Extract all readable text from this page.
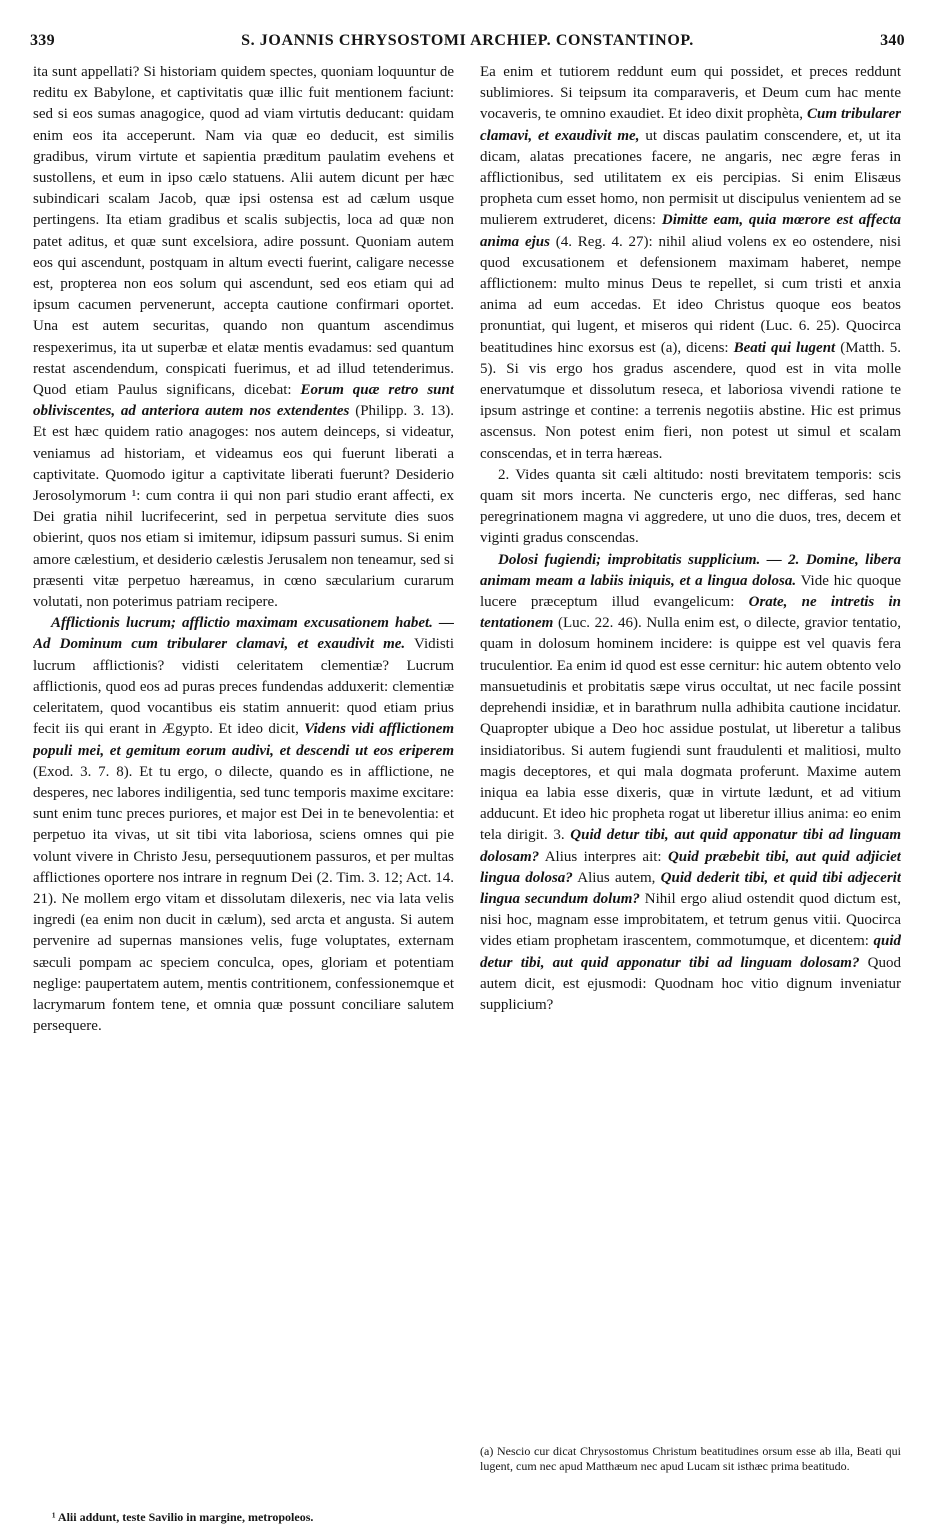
339	S. JOANNIS CHRYSOSTOMI ARCHIEP. CONSTANTINOP.	340

ita sunt appellati? Si historiam quidem spectes, quoniam loquuntur de reditu ex Babylone, et captivitatis quæ illic fuit mentionem faciunt: sed si eos sumas anagogice, quod ad viam virtutis deducant: quidam enim eos ita acceperunt. Nam via quæ eo deducit, est similis gradibus, virum virtute et sapientia præditum paulatim evehens et sustollens, et eum in ipso cælo statuens. Alii autem dicunt per hæc subindicari scalam Jacob, quæ ipsi ostensa est ad cælum usque pertingens. Ita etiam gradibus et scalis subjectis, loca ad quæ non patet aditus, et quæ sunt excelsiora, adire possunt. Quoniam autem eos qui ascendunt, postquam in altum evecti fuerint, caligare necesse est, propterea non eos solum qui ascendunt, sed eos etiam qui ad ipsum cacumen pervenerunt, accepta cautione confirmari oportet. Una est autem securitas, quando non quantum ascendimus respexerimus, ita ut superbæ et elatæ mentis evadamus: sed quantum restat ascendendum, conspicati fuerimus, et ad illud tetenderimus. Quod etiam Paulus significans, dicebat: Eorum quæ retro sunt obliviscentes, ad anteriora autem nos extendentes (Philipp. 3. 13). Et est hæc quidem ratio anagoges: nos autem deinceps, si videatur, veniamus ad historiam, et videamus eos qui fuerunt liberati a captivitate. Quomodo igitur a captivitate liberati fuerunt? Desiderio Jerosolymorum ¹: cum contra ii qui non pari studio erant affecti, ex Dei gratia nihil lucrifecerint, sed in perpetua servitute dies suos obierint, quos nos etiam si imitemur, idipsum passuri sumus. Si enim amore cælestium, et desiderio cælestis Jerusalem non teneamur, sed si præsenti vitæ perpetuo hæreamus, in cœno sæcularium curarum volutati, non poterimus patriam recipere.

Afflictionis lucrum; afflictio maximam excusationem habet. — Ad Dominum cum tribularer clamavi, et exaudivit me. Vidisti lucrum afflictionis? vidisti celeritatem clementiæ? Lucrum afflictionis, quod eos ad puras preces fundendas adduxerit: clementiæ celeritatem, quod vocantibus eis statim annuerit: quod etiam prius fecit iis qui erant in Ægypto. Et ideo dicit, Videns vidi afflictionem populi mei, et gemitum eorum audivi, et descendi ut eos eriperem (Exod. 3. 7. 8). Et tu ergo, o dilecte, quando es in afflictione, ne desperes, nec labores indiligentia, sed tunc temporis maxime excitare: sunt enim tunc preces puriores, et major est Dei in te benevolentia: et perpetuo ita vivas, ut sit tibi vita laboriosa, sciens omnes qui pie volunt vivere in Christo Jesu, persequutionem passuros, et per multas afflictiones oportere nos intrare in regnum Dei (2. Tim. 3. 12; Act. 14. 21). Ne mollem ergo vitam et dissolutam dilexeris, nec via lata velis ingredi (ea enim non ducit in cælum), sed arcta et angusta. Si autem pervenire ad supernas mansiones velis, fuge voluptates, externam sæculi pompam ac speciem conculca, opes, gloriam et potentiam neglige: paupertatem autem, mentis contritionem, confessionemque et lacrymarum fontem tene, et omnia quæ possunt conciliare salutem persequere.

¹ Alii addunt, teste Savilio in margine, metropoleos.

Ea enim et tutiorem reddunt eum qui possidet, et preces reddunt sublimiores. Si teipsum ita comparaveris, et Deum cum hac mente vocaveris, te omnino exaudiet. Et ideo dixit prophèta, Cum tribularer clamavi, et exaudivit me, ut discas paulatim conscendere, et, ut ita dicam, alatas precationes facere, ne angaris, nec ægre feras in afflictionibus, sed utilitatem ex eis percipias. Si enim Elisæus propheta cum esset homo, non permisit ut discipulus venientem ad se mulierem extruderet, dicens: Dimitte eam, quia mœrore est affecta anima ejus (4. Reg. 4. 27): nihil aliud volens ex eo ostendere, nisi quod excusationem et defensionem maximam haberet, nempe afflictionem: multo minus Deus te repellet, si cum tristi et anxia anima ad eum accedas. Et ideo Christus quoque eos beatos pronuntiat, qui lugent, et miseros qui rident (Luc. 6. 25). Quocirca beatitudines hinc exorsus est (a), dicens: Beati qui lugent (Matth. 5. 5). Si vis ergo hos gradus ascendere, quod est in vita molle enervatumque et dissolutum reseca, et laboriosa vivendi ratione te ipsum astringe et contine: a terrenis negotiis abstine. Hic est primus ascensus. Non potest enim fieri, non potest ut simul et scalam conscendas, et in terra hæreas.

2. Vides quanta sit cæli altitudo: nosti brevitatem temporis: scis quam sit mors incerta. Ne cuncteris ergo, nec differas, sed hanc peregrinationem magna vi aggredere, ut uno die duos, tres, decem et viginti gradus conscendas.

Dolosi fugiendi; improbitatis supplicium. — 2. Domine, libera animam meam a labiis iniquis, et a lingua dolosa. Vide hic quoque lucere præceptum illud evangelicum: Orate, ne intretis in tentationem (Luc. 22. 46). Nulla enim est, o dilecte, gravior tentatio, quam in dolosum hominem incidere: is quippe est vel quavis fera truculentior. Ea enim id quod est esse cernitur: hic autem obtento velo mansuetudinis et probitatis sæpe virus occultat, ut nec facile possint deprehendi insidiæ, et in barathrum nulla adhibita cautione incidatur. Quapropter ubique a Deo hoc assidue postulat, ut liberetur a talibus insidiatoribus. Si autem fugiendi sunt fraudulenti et malitiosi, multo magis deceptores, et qui mala dogmata proferunt. Maxime autem iniqua ea labia esse dixeris, quæ in virtute lædunt, et ad vitium adducunt. Et ideo hic propheta rogat ut liberetur illius anima: eo enim tela dirigit. 3. Quid detur tibi, aut quid apponatur tibi ad linguam dolosam? Alius interpres ait: Quid præbebit tibi, aut quid adjiciet lingua dolosa? Alius autem, Quid dederit tibi, et quid tibi adjecerit lingua secundum dolum? Nihil ergo aliud ostendit quod dictum est, nisi hoc, magnam esse improbitatem, et tetrum genus vitii. Quocirca vides etiam prophetam irascentem, commotumque, et dicentem: quid detur tibi, aut quid apponatur tibi ad linguam dolosam? Quod autem dicit, est ejusmodi: Quodnam hoc vitio dignum inveniatur supplicium?

(a) Nescio cur dicat Chrysostomus Christum beatitudines orsum esse ab illa, Beati qui lugent, cum nec apud Matthæum nec apud Lucam sit isthæc prima beatitudo.
